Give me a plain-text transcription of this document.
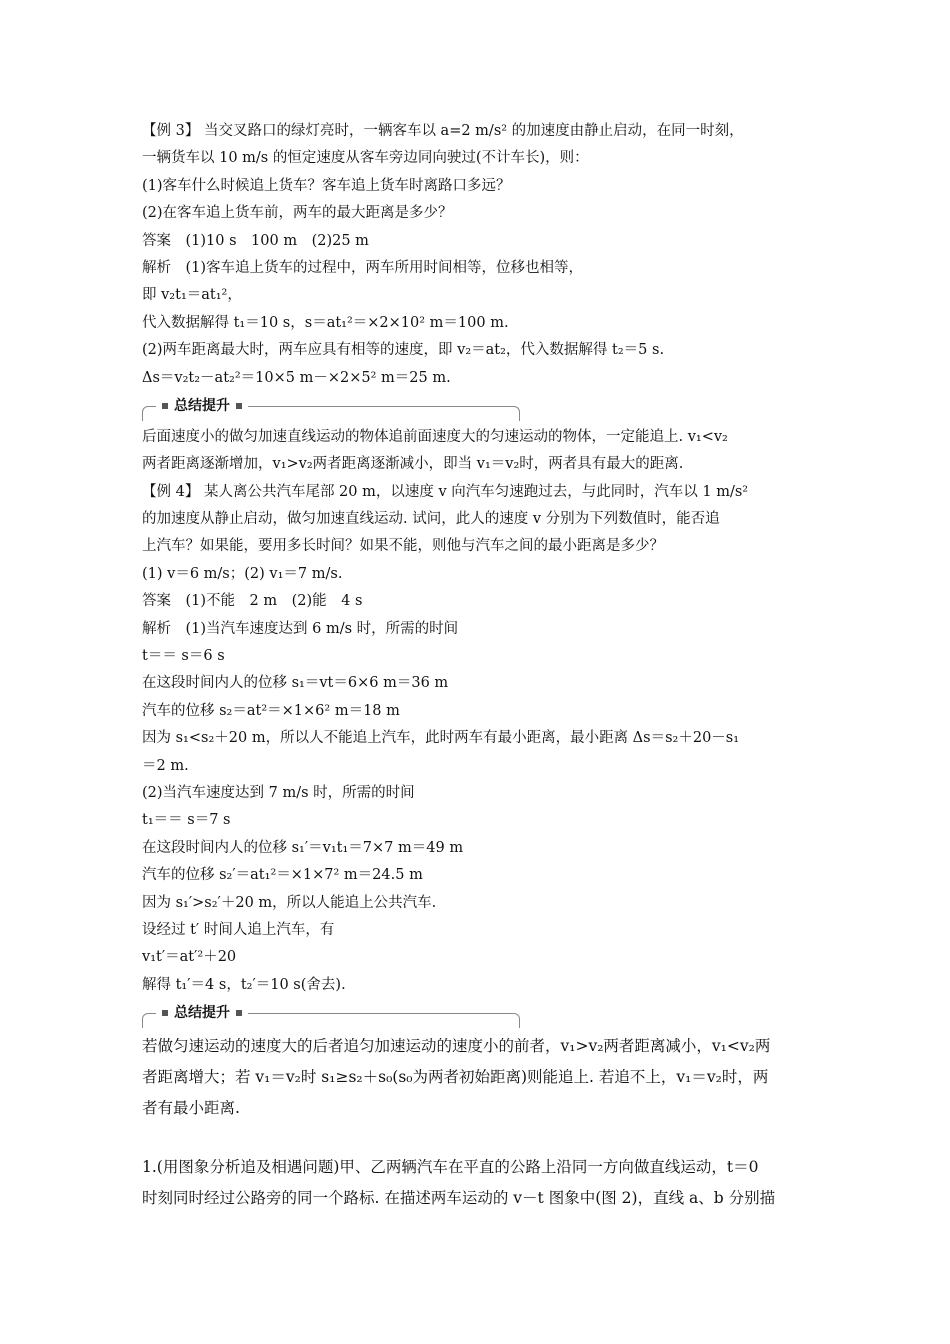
【例 3】 当交叉路口的绿灯亮时，一辆客车以 a=2 m/s² 的加速度由静止启动，在同一时刻，
一辆货车以 10 m/s 的恒定速度从客车旁边同向驶过(不计车长)，则：
(1)客车什么时候追上货车？客车追上货车时离路口多远？
(2)在客车追上货车前，两车的最大距离是多少？
答案　(1)10 s　100 m　(2)25 m
解析　(1)客车追上货车的过程中，两车所用时间相等，位移也相等，
即 v₂t₁＝at₁²，
代入数据解得 t₁＝10 s，s＝at₁²＝×2×10² m＝100 m.
(2)两车距离最大时，两车应具有相等的速度，即 v₂＝at₂，代入数据解得 t₂＝5 s.
Δs＝v₂t₂－at₂²＝10×5 m－×2×5² m＝25 m.
总结提升
后面速度小的做匀加速直线运动的物体追前面速度大的匀速运动的物体，一定能追上. v₁<v₂
两者距离逐渐增加，v₁>v₂两者距离逐渐减小，即当 v₁＝v₂时，两者具有最大的距离.
【例 4】 某人离公共汽车尾部 20 m，以速度 v 向汽车匀速跑过去，与此同时，汽车以 1 m/s²
的加速度从静止启动，做匀加速直线运动. 试问，此人的速度 v 分别为下列数值时，能否追
上汽车？如果能，要用多长时间？如果不能，则他与汽车之间的最小距离是多少？
(1) v＝6 m/s；(2) v₁＝7 m/s.
答案　(1)不能　2 m　(2)能　4 s
解析　(1)当汽车速度达到 6 m/s 时，所需的时间
t＝＝ s＝6 s
在这段时间内人的位移 s₁＝vt＝6×6 m＝36 m
汽车的位移 s₂＝at²＝×1×6² m＝18 m
因为 s₁<s₂＋20 m，所以人不能追上汽车，此时两车有最小距离，最小距离 Δs＝s₂＋20－s₁
＝2 m.
(2)当汽车速度达到 7 m/s 时，所需的时间
t₁＝＝ s＝7 s
在这段时间内人的位移 s₁′＝v₁t₁＝7×7 m＝49 m
汽车的位移 s₂′＝at₁²＝×1×7² m＝24.5 m
因为 s₁′>s₂′＋20 m，所以人能追上公共汽车.
设经过 t′ 时间人追上汽车，有
v₁t′＝at′²＋20
解得 t₁′＝4 s，t₂′＝10 s(舍去).
总结提升
若做匀速运动的速度大的后者追匀加速运动的速度小的前者，v₁>v₂两者距离减小，v₁<v₂两
者距离增大；若 v₁＝v₂时 s₁≥s₂＋s₀(s₀为两者初始距离)则能追上. 若追不上，v₁＝v₂时，两
者有最小距离.
1.(用图象分析追及相遇问题)甲、乙两辆汽车在平直的公路上沿同一方向做直线运动，t＝0
时刻同时经过公路旁的同一个路标. 在描述两车运动的 v－t 图象中(图 2)，直线 a、b 分别描
